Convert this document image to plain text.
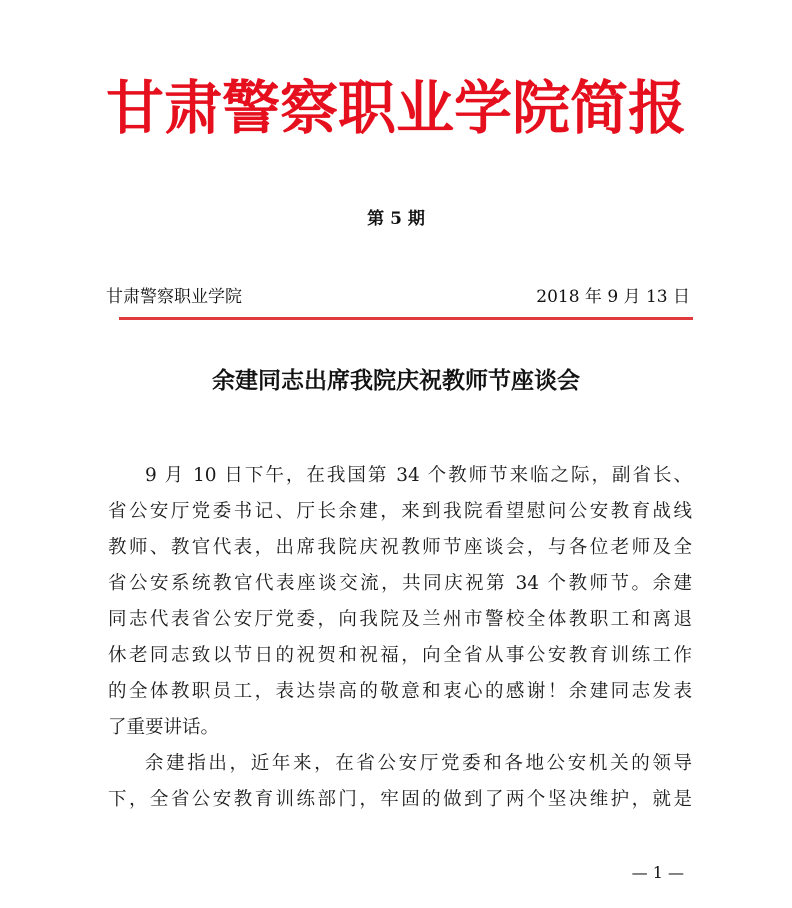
甘肃警察职业学院简报
第 5 期
甘肃警察职业学院	2018 年 9 月 13 日
余建同志出席我院庆祝教师节座谈会
9 月 10 日下午，在我国第 34 个教师节来临之际，副省长、
省公安厅党委书记、厅长余建，来到我院看望慰问公安教育战线
教师、教官代表，出席我院庆祝教师节座谈会，与各位老师及全
省公安系统教官代表座谈交流，共同庆祝第 34 个教师节。余建
同志代表省公安厅党委，向我院及兰州市警校全体教职工和离退
休老同志致以节日的祝贺和祝福，向全省从事公安教育训练工作
的全体教职员工，表达崇高的敬意和衷心的感谢！余建同志发表
了重要讲话。
余建指出，近年来，在省公安厅党委和各地公安机关的领导
下，全省公安教育训练部门，牢固的做到了两个坚决维护，就是
— 1 —
